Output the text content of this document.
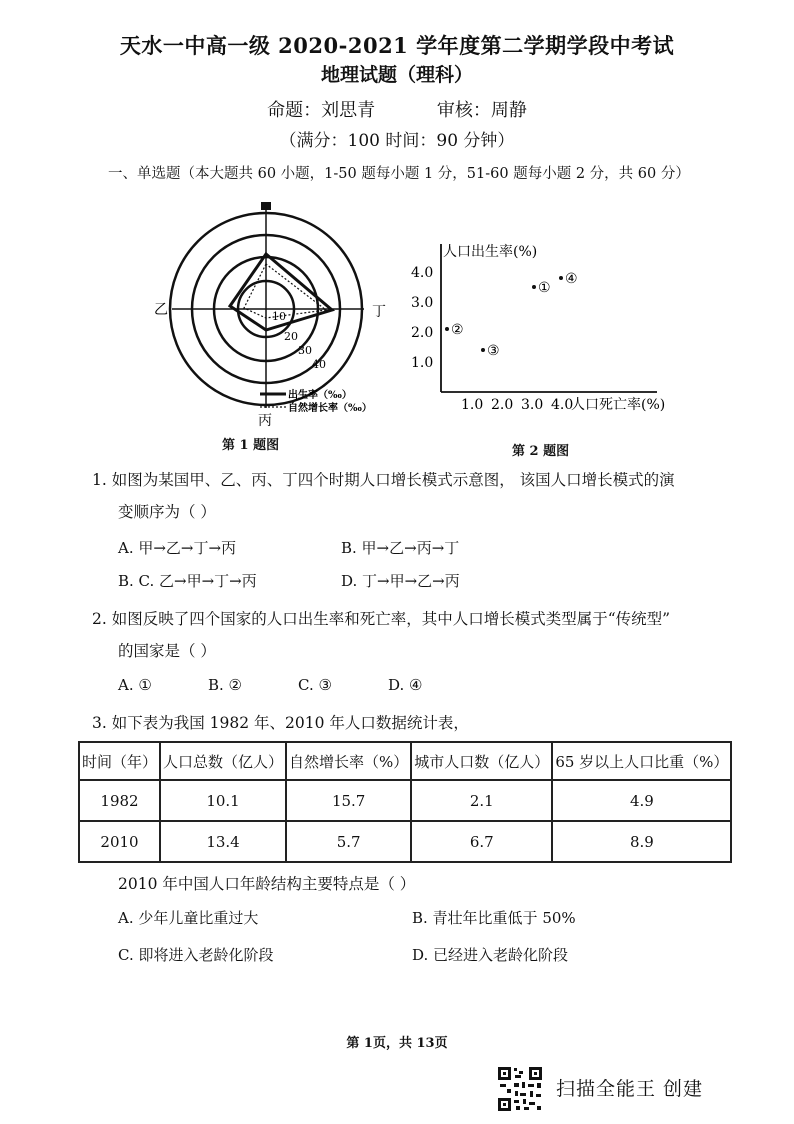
天水一中高一级 2020-2021 学年度第二学期学段中考试
地理试题（理科）
命题：刘思青	审核：周静
（满分：100 时间：90 分钟）
一、单选题（本大题共 60 小题，1-50 题每小题 1 分，51-60 题每小题 2 分，共 60 分）
乙	丁
丙
10
20
30
40
出生率（‰）
自然增长率（‰）
第 1 题图
人口出生率(%)
人口死亡率(%)
1.0 2.0 3.0 4.0
1.0
2.0
3.0
4.0
①
②
③
④
第 2 题图
1. 如图为某国甲、乙、丙、丁四个时期人口增长模式示意图， 该国人口增长模式的演
变顺序为（ ）
A. 甲→乙→丁→丙	B. 甲→乙→丙→丁
B. C. 乙→甲→丁→丙	D. 丁→甲→乙→丙
2. 如图反映了四个国家的人口出生率和死亡率，其中人口增长模式类型属于“传统型”
的国家是（ ）
A. ①	B. ②	C. ③	D. ④
3. 如下表为我国 1982 年、2010 年人口数据统计表，
时间（年）	人口总数（亿人）	自然增长率（%）	城市人口数（亿人）	65 岁以上人口比重（%）
1982	10.1	15.7	2.1	4.9
2010	13.4	5.7	6.7	8.9
2010 年中国人口年龄结构主要特点是（ ）
A. 少年儿童比重过大	B. 青壮年比重低于 50%
C. 即将进入老龄化阶段	D. 已经进入老龄化阶段
第 1页，共 13页
扫描全能王 创建
